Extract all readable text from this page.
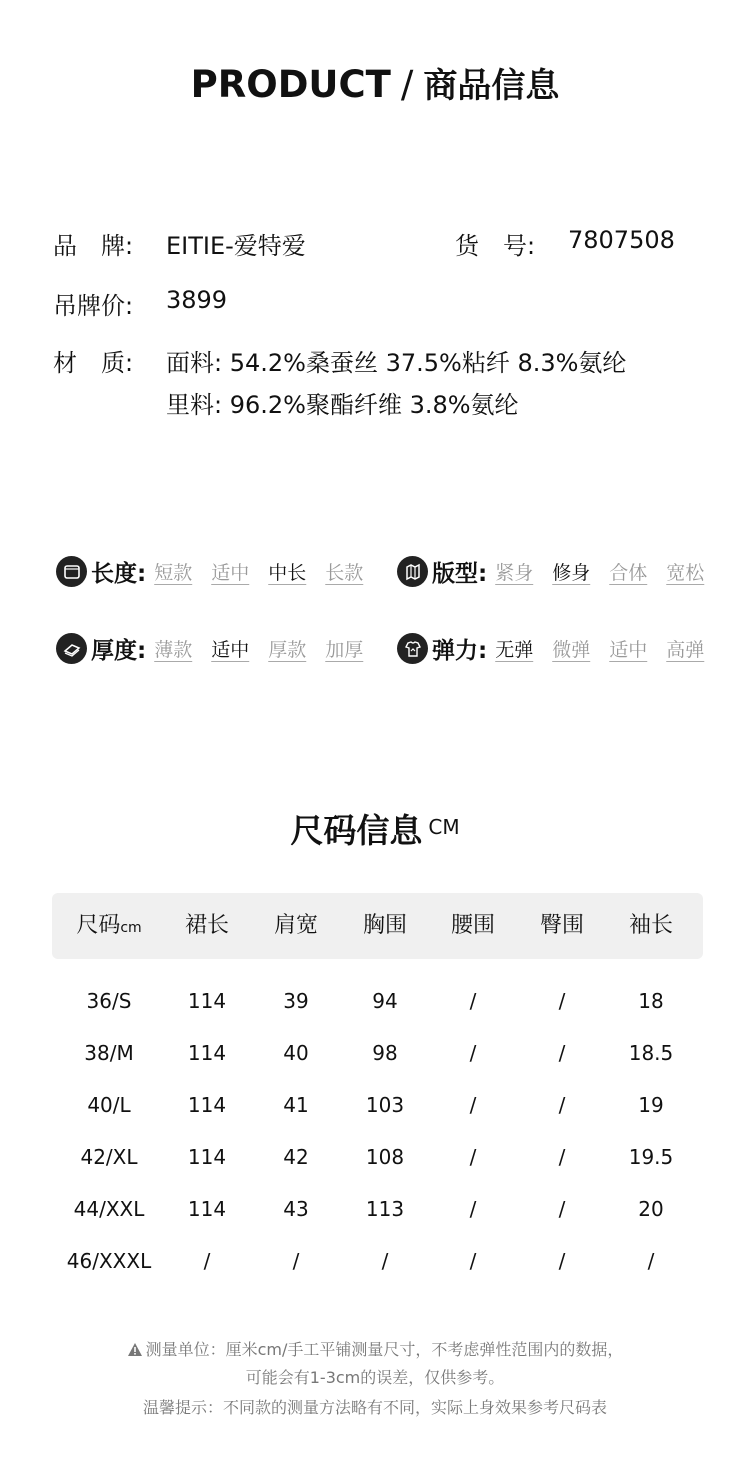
PRODUCT / 商品信息
品　牌: EITIE-爱特爱	货　号: 7807508
吊牌价: 3899
材　质: 面料: 54.2%桑蚕丝 37.5%粘纤 8.3%氨纶
里料: 96.2%聚酯纤维 3.8%氨纶
长度: 短款	适中	中长	长款	版型: 紧身	修身	合体	宽松
厚度: 薄款	适中	厚款	加厚	弹力: 无弹	微弹	适中	高弹
尺码信息 $^{CM}$
尺码cm	裙长	肩宽	胸围	腰围	臀围	袖长
36/S	114	39	94	/	/	18
38/M	114	40	98	/	/	18.5
40/L	114	41	103	/	/	19
42/XL	114	42	108	/	/	19.5
44/XXL	114	43	113	/	/	20
46/XXXL	/	/	/	/	/	/
测量单位：厘米cm/手工平铺测量尺寸，不考虑弹性范围内的数据，
可能会有1-3cm的误差，仅供参考。
温馨提示：不同款的测量方法略有不同，实际上身效果参考尺码表
